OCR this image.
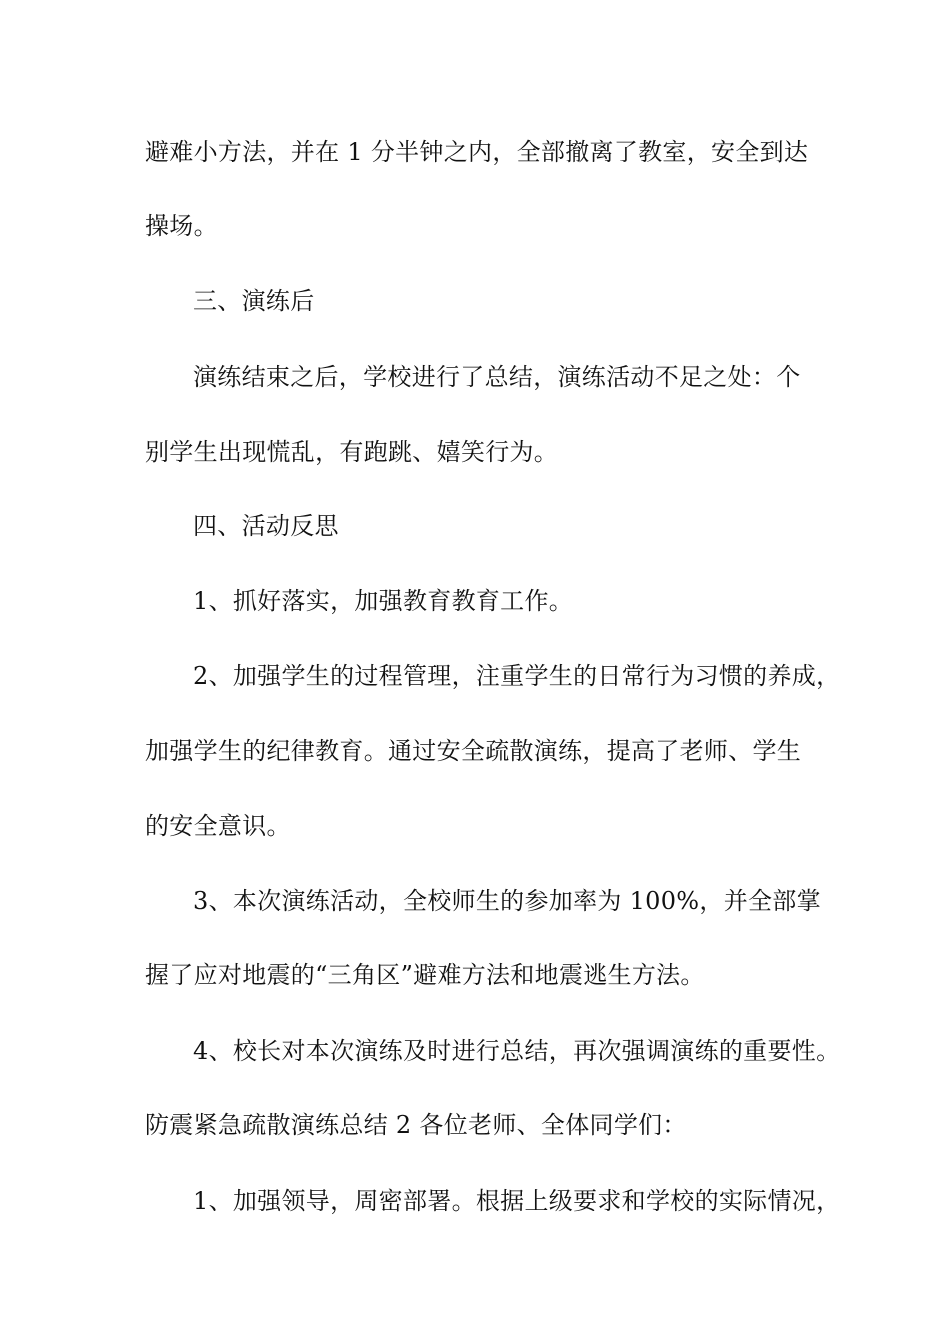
避难小方法，并在 1 分半钟之内，全部撤离了教室，安全到达
操场。
三、演练后
演练结束之后，学校进行了总结，演练活动不足之处：个
别学生出现慌乱，有跑跳、嬉笑行为。
四、活动反思
1、抓好落实，加强教育教育工作。
2、加强学生的过程管理，注重学生的日常行为习惯的养成，
加强学生的纪律教育。通过安全疏散演练，提高了老师、学生
的安全意识。
3、本次演练活动，全校师生的参加率为 100%，并全部掌
握了应对地震的“三角区”避难方法和地震逃生方法。
4、校长对本次演练及时进行总结，再次强调演练的重要性。
防震紧急疏散演练总结 2 各位老师、全体同学们：
1、加强领导，周密部署。根据上级要求和学校的实际情况，
